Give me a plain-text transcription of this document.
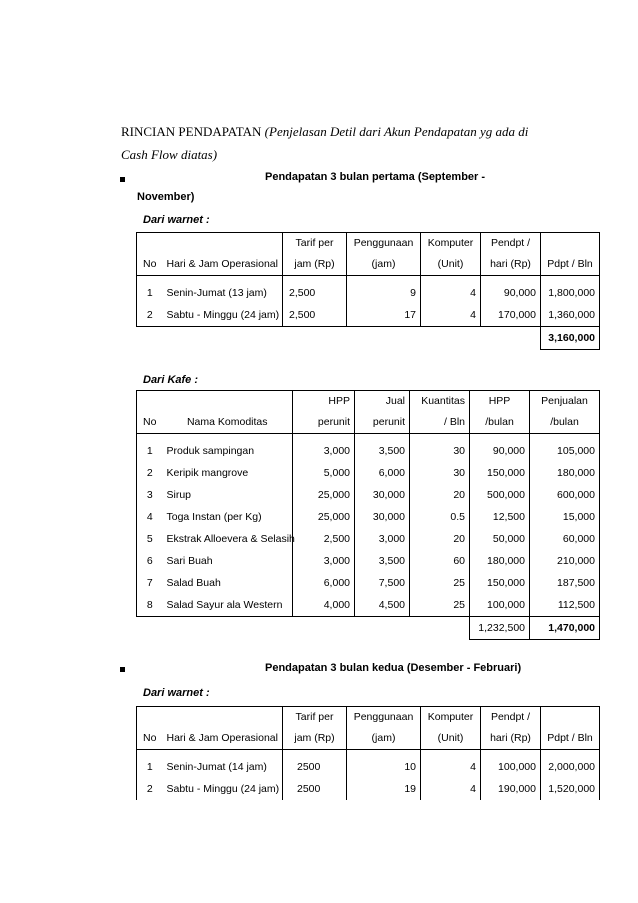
RINCIAN PENDAPATAN (Penjelasan Detil dari Akun Pendapatan yg ada di
Cash Flow diatas)
Pendapatan 3 bulan pertama (September -
November)
Dari warnet :
		Tarif per	Penggunaan	Komputer	Pendpt /	
No	Hari & Jam Operasional	jam (Rp)	(jam)	(Unit)	hari (Rp)	Pdpt / Bln

1	Senin-Jumat (13 jam)	2,500	9	4	90,000	1,800,000
2	Sabtu - Minggu (24 jam)	2,500	17	4	170,000	1,360,000
						3,160,000
Dari Kafe :
		HPP	Jual	Kuantitas	HPP	Penjualan
No	Nama Komoditas	perunit	perunit	/ Bln	/bulan	/bulan

1	Produk sampingan	3,000	3,500	30	90,000	105,000
2	Keripik mangrove	5,000	6,000	30	150,000	180,000
3	Sirup	25,000	30,000	20	500,000	600,000
4	Toga Instan (per Kg)	25,000	30,000	0.5	12,500	15,000
5	Ekstrak Alloevera & Selasih	2,500	3,000	20	50,000	60,000
6	Sari Buah	3,000	3,500	60	180,000	210,000
7	Salad Buah	6,000	7,500	25	150,000	187,500
8	Salad Sayur ala Western	4,000	4,500	25	100,000	112,500
					1,232,500	1,470,000
Pendapatan 3 bulan kedua (Desember - Februari)
Dari warnet :
		Tarif per	Penggunaan	Komputer	Pendpt /	
No	Hari & Jam Operasional	jam (Rp)	(jam)	(Unit)	hari (Rp)	Pdpt / Bln

1	Senin-Jumat (14 jam)	2500	10	4	100,000	2,000,000
2	Sabtu - Minggu (24 jam)	2500	19	4	190,000	1,520,000
